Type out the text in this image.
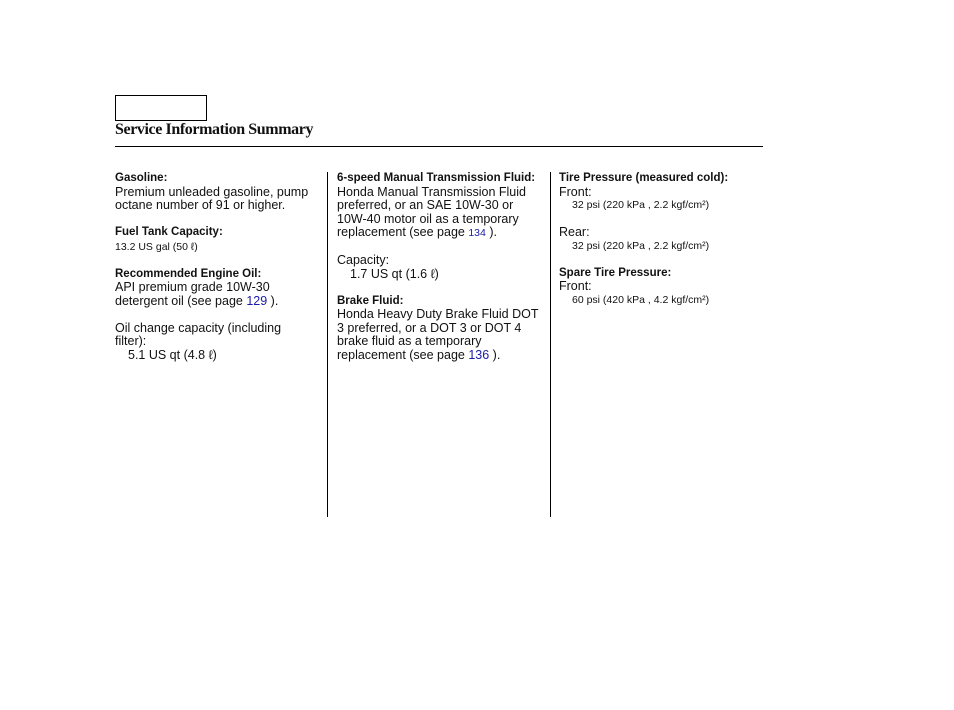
Service Information Summary
Gasoline:
Premium unleaded gasoline, pump octane number of 91 or higher.
Fuel Tank Capacity:
13.2 US gal (50 ℓ)
Recommended Engine Oil:
API premium grade 10W-30 detergent oil (see page 129 ).
Oil change capacity (including filter):
5.1 US qt (4.8 ℓ)
6-speed Manual Transmission Fluid:
Honda Manual Transmission Fluid preferred, or an SAE 10W-30 or 10W-40 motor oil as a temporary replacement (see page 134 ).
Capacity:
1.7 US qt (1.6 ℓ)
Brake Fluid:
Honda Heavy Duty Brake Fluid DOT 3 preferred, or a DOT 3 or DOT 4 brake fluid as a temporary replacement (see page 136 ).
Tire Pressure (measured cold):
Front:
32 psi (220 kPa , 2.2 kgf/cm²)
Rear:
32 psi (220 kPa , 2.2 kgf/cm²)
Spare Tire Pressure:
Front:
60 psi (420 kPa , 4.2 kgf/cm²)
